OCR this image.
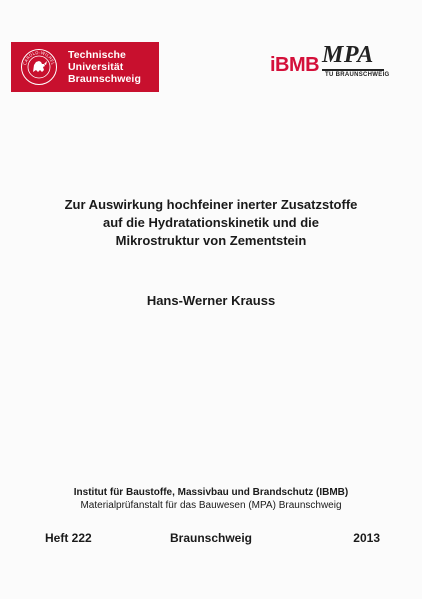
CAROLO-WILHEL
Technische
Universität
Braunschweig
iBMB MPA
TU BRAUNSCHWEIG
Zur Auswirkung hochfeiner inerter Zusatzstoffe
auf die Hydratationskinetik und die
Mikrostruktur von Zementstein
Hans-Werner Krauss
Institut für Baustoffe, Massivbau und Brandschutz (IBMB)
Materialprüfanstalt für das Bauwesen (MPA) Braunschweig
Heft 222	Braunschweig	2013
